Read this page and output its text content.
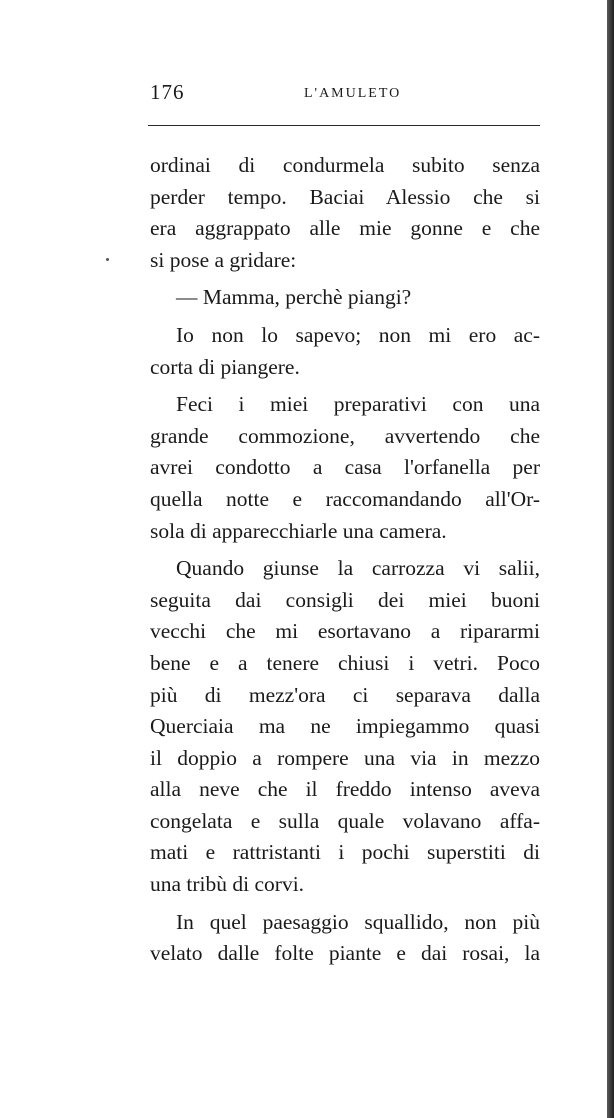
176	L'AMULETO
ordinai di condurmela subito senza
perder tempo. Baciai Alessio che si
era aggrappato alle mie gonne e che
si pose a gridare:
— Mamma, perchè piangi?
Io non lo sapevo; non mi ero ac-
corta di piangere.
Feci i miei preparativi con una
grande commozione, avvertendo che
avrei condotto a casa l'orfanella per
quella notte e raccomandando all'Or-
sola di apparecchiarle una camera.
Quando giunse la carrozza vi salii,
seguita dai consigli dei miei buoni
vecchi che mi esortavano a ripararmi
bene e a tenere chiusi i vetri. Poco
più di mezz'ora ci separava dalla
Querciaia ma ne impiegammo quasi
il doppio a rompere una via in mezzo
alla neve che il freddo intenso aveva
congelata e sulla quale volavano affa-
mati e rattristanti i pochi superstiti di
una tribù di corvi.
In quel paesaggio squallido, non più
velato dalle folte piante e dai rosai, la
